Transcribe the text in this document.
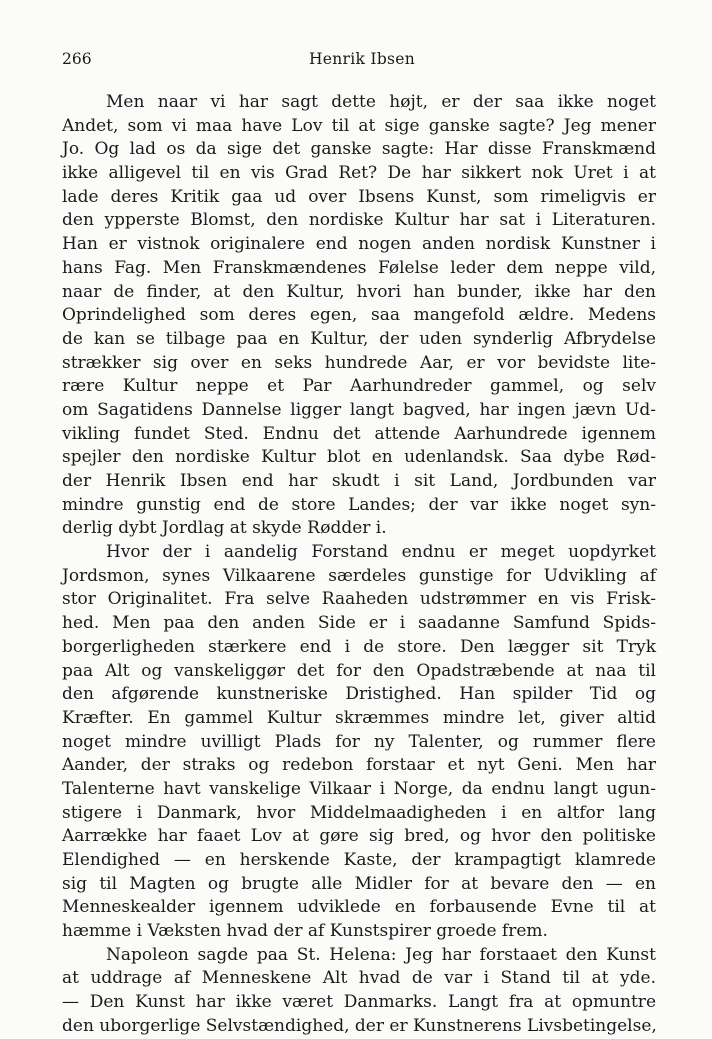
266	Henrik Ibsen
Men naar vi har sagt dette højt, er der saa ikke noget
Andet, som vi maa have Lov til at sige ganske sagte? Jeg mener
Jo. Og lad os da sige det ganske sagte: Har disse Franskmænd
ikke alligevel til en vis Grad Ret? De har sikkert nok Uret i at
lade deres Kritik gaa ud over Ibsens Kunst, som rimeligvis er
den ypperste Blomst, den nordiske Kultur har sat i Literaturen.
Han er vistnok originalere end nogen anden nordisk Kunstner i
hans Fag. Men Franskmændenes Følelse leder dem neppe vild,
naar de finder, at den Kultur, hvori han bunder, ikke har den
Oprindelighed som deres egen, saa mangefold ældre. Medens
de kan se tilbage paa en Kultur, der uden synderlig Afbrydelse
strækker sig over en seks hundrede Aar, er vor bevidste lite-
rære Kultur neppe et Par Aarhundreder gammel, og selv
om Sagatidens Dannelse ligger langt bagved, har ingen jævn Ud-
vikling fundet Sted. Endnu det attende Aarhundrede igennem
spejler den nordiske Kultur blot en udenlandsk. Saa dybe Rød-
der Henrik Ibsen end har skudt i sit Land, Jordbunden var
mindre gunstig end de store Landes; der var ikke noget syn-
derlig dybt Jordlag at skyde Rødder i.
Hvor der i aandelig Forstand endnu er meget uopdyrket
Jordsmon, synes Vilkaarene særdeles gunstige for Udvikling af
stor Originalitet. Fra selve Raaheden udstrømmer en vis Frisk-
hed. Men paa den anden Side er i saadanne Samfund Spids-
borgerligheden stærkere end i de store. Den lægger sit Tryk
paa Alt og vanskeliggør det for den Opadstræbende at naa til
den afgørende kunstneriske Dristighed. Han spilder Tid og
Kræfter. En gammel Kultur skræmmes mindre let, giver altid
noget mindre uvilligt Plads for ny Talenter, og rummer flere
Aander, der straks og redebon forstaar et nyt Geni. Men har
Talenterne havt vanskelige Vilkaar i Norge, da endnu langt ugun-
stigere i Danmark, hvor Middelmaadigheden i en altfor lang
Aarrække har faaet Lov at gøre sig bred, og hvor den politiske
Elendighed — en herskende Kaste, der krampagtigt klamrede
sig til Magten og brugte alle Midler for at bevare den — en
Menneskealder igennem udviklede en forbausende Evne til at
hæmme i Væksten hvad der af Kunstspirer groede frem.
Napoleon sagde paa St. Helena: Jeg har forstaaet den Kunst
at uddrage af Menneskene Alt hvad de var i Stand til at yde.
— Den Kunst har ikke været Danmarks. Langt fra at opmuntre
den uborgerlige Selvstændighed, der er Kunstnerens Livsbetingelse,
